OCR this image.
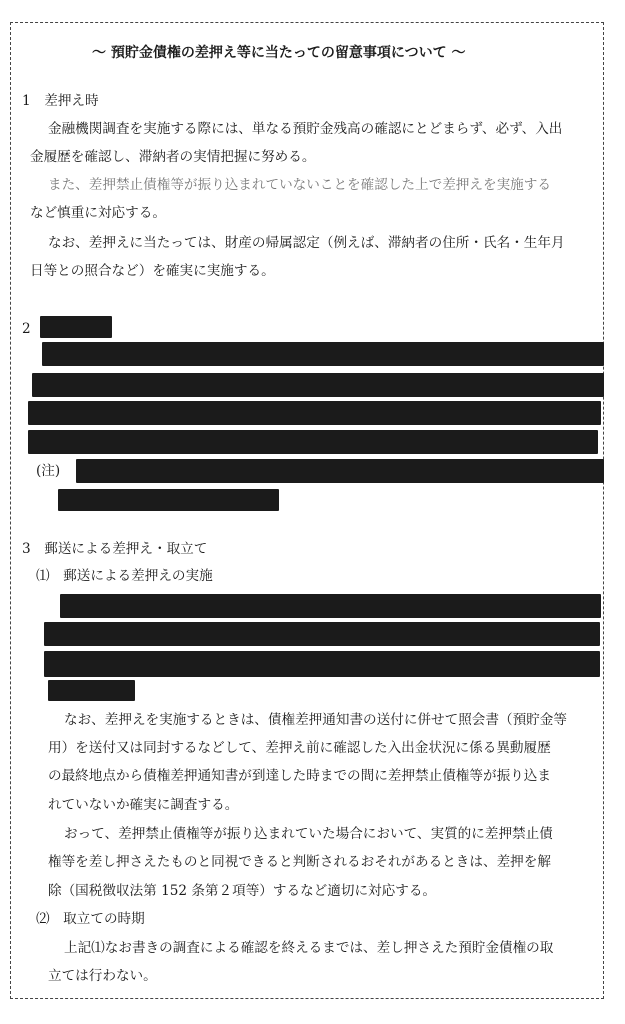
～ 預貯金債権の差押え等に当たっての留意事項について ～
1　差押え時
金融機関調査を実施する際には、単なる預貯金残高の確認にとどまらず、必ず、入出
金履歴を確認し、滞納者の実情把握に努める。
また、差押禁止債権等が振り込まれていないことを確認した上で差押えを実施する
など慎重に対応する。
なお、差押えに当たっては、財産の帰属認定（例えば、滞納者の住所・氏名・生年月
日等との照合など）を確実に実施する。
2
(注)
3　郵送による差押え・取立て
⑴　郵送による差押えの実施
なお、差押えを実施するときは、債権差押通知書の送付に併せて照会書（預貯金等
用）を送付又は同封するなどして、差押え前に確認した入出金状況に係る異動履歴
の最終地点から債権差押通知書が到達した時までの間に差押禁止債権等が振り込ま
れていないか確実に調査する。
おって、差押禁止債権等が振り込まれていた場合において、実質的に差押禁止債
権等を差し押さえたものと同視できると判断されるおそれがあるときは、差押を解
除（国税徴収法第 152 条第２項等）するなど適切に対応する。
⑵　取立ての時期
上記⑴なお書きの調査による確認を終えるまでは、差し押さえた預貯金債権の取
立ては行わない。
